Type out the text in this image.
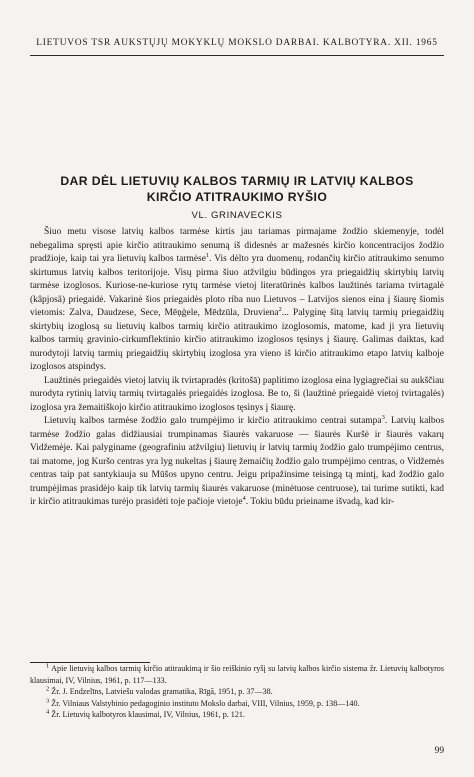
LIETUVOS TSR AUKSTŲJŲ MOKYKLŲ MOKSLO DARBAI. KALBOTYRA. XII. 1965
DAR DĖL LIETUVIŲ KALBOS TARMIŲ IR LATVIŲ KALBOS
KIRČIO ATITRAUKIMO RYŠIO
VL. GRINAVECKIS

Šiuo metu visose latvių kalbos tarmėse kirtis jau tariamas pirmajame žodžio skiemenyje, todėl nebegalima spręsti apie kirčio atitraukimo senumą iš didesnės ar mažesnės kirčio koncentracijos žodžio pradžioje, kaip tai yra lietuvių kalbos tarmėse$^1$. Vis dėlto yra duomenų, rodančių kirčio atitraukimo senumo skirtumus latvių kalbos teritorijoje. Visų pirma šiuo atžvilgiu būdingos yra priegaidžių skirtybių latvių tarmėse izoglosos. Kuriose-ne-kuriose rytų tarmėse vietoj literatūrinės kalbos laužtinės tariama tvirtagalė (kâpjosã) priegaidė. Vakarinė šios priegaidės ploto riba nuo Lietuvos – Latvijos sienos eina į šiaurę šiomis vietomis: Zalva, Daudzese, Sece, Mēņģele, Mēdzūla, Druviena$^2$... Palyginę šitą latvių tarmių priegaidžių skirtybių izoglosą su lietuvių kalbos tarmių kirčio atitraukimo izoglosomis, matome, kad ji yra lietuvių kalbos tarmių gravinio-cirkumflektinio kirčio atitraukimo izoglosos tęsinys į šiaurę. Galimas daiktas, kad nurodytoji latvių tarmių priegaidžių skirtybių izoglosa yra vieno iš kirčio atitraukimo etapo latvių kalboje izoglosos atspindys.

Laužtinės priegaidės vietoj latvių ik tvirtapradės (kritošā) paplitimo izoglosa eina lygiagrečiai su aukščiau nurodyta rytinių latvių tarmių tvirtagalės priegaidės izoglosa. Be to, ši (laužtinė priegaidė vietoj tvirtagalės) izoglosa yra žemaitiškojo kirčio atitraukimo izoglosos tęsinys į šiaurę.

Lietuvių kalbos tarmėse žodžio galo trumpėjimo ir kirčio atitraukimo centrai sutampa$^3$. Latvių kalbos tarmėse žodžio galas didžiausiai trumpinamas šiaurės vakaruose — šiaurės Kuršė ir šiaurės vakarų Vidžemėje. Kai palyginame (geografiniu atžvilgiu) lietuvių ir latvių tarmių žodžio galo trumpėjimo centrus, tai matome, jog Kuršo centras yra lyg nukeltas į šiaurę žemaičių žodžio galo trumpėjimo centras, o Vidžemės centras taip pat santykiauja su Mūšos upyno centru. Jeigu pripažinsime teisingą tą mintį, kad žodžio galo trumpėjimas prasidėjo kaip tik latvių tarmių šiaurės vakaruose (minėtuose centruose), tai turime sutikti, kad ir kirčio atitraukimas turėjo prasidėti toje pačioje vietoje$^4$. Tokiu būdu prieiname išvadą, kad kir-

$^1$ Apie lietuvių kalbos tarmių kirčio atitraukimą ir šio reiškinio ryšį su latvių kalbos kirčio sistema žr. Lietuvių kalbotyros klausimai, IV, Vilnius, 1961, p. 117—133.

$^2$ Žr. J. Endzelīns, Latviešu valodas gramatika, Rīgā, 1951, p. 37—38.

$^3$ Žr. Vilniaus Valstybinio pedagoginio instituto Mokslo darbai, VIII, Vilnius, 1959, p. 138—140.

$^4$ Žr. Lietuvių kalbotyros klausimai, IV, Vilnius, 1961, p. 121.

99
